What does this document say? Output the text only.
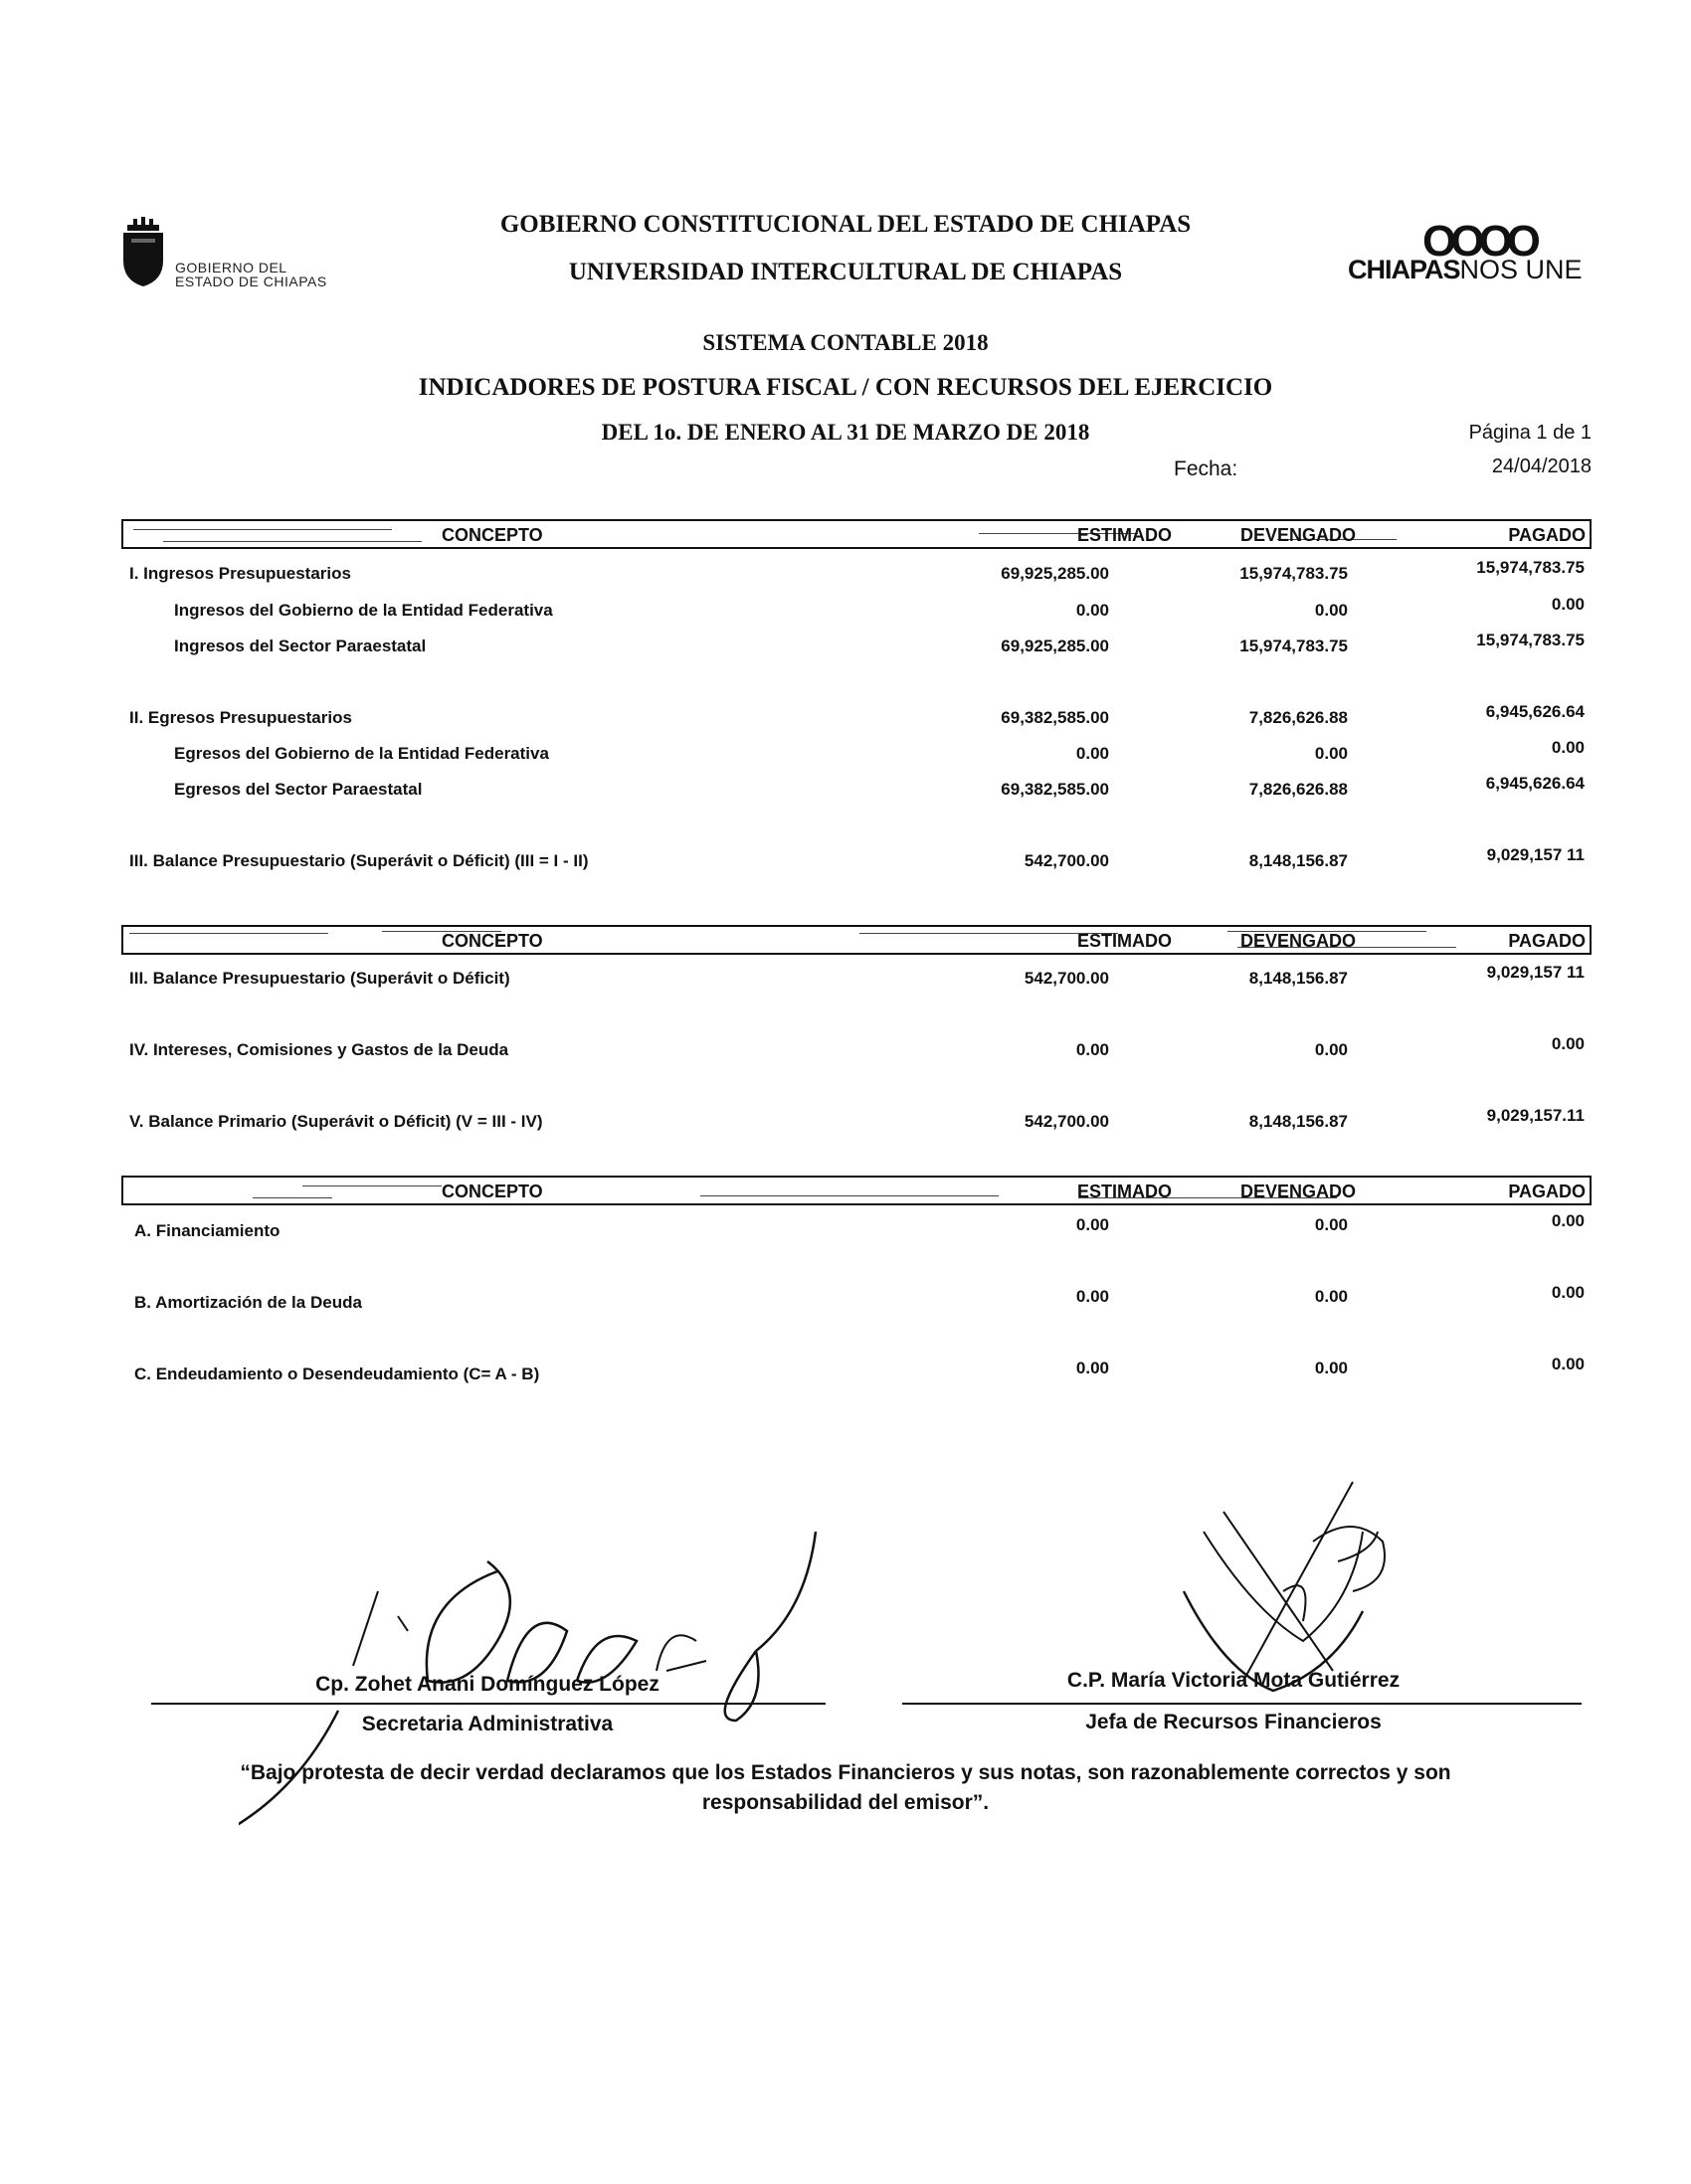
GOBIERNO DEL
ESTADO DE CHIAPAS
GOBIERNO CONSTITUCIONAL DEL ESTADO DE CHIAPAS
UNIVERSIDAD INTERCULTURAL DE CHIAPAS
OOOO
CHIAPASNOS UNE
SISTEMA CONTABLE 2018
INDICADORES DE POSTURA FISCAL / CON RECURSOS DEL EJERCICIO
DEL 1o. DE ENERO AL 31 DE MARZO DE 2018	Página 1 de 1
Fecha:	24/04/2018
CONCEPTO	ESTIMADO	DEVENGADO	PAGADO
I. Ingresos Presupuestarios	69,925,285.00	15,974,783.75	15,974,783.75
Ingresos del Gobierno de la Entidad Federativa	0.00	0.00	0.00
Ingresos del Sector Paraestatal	69,925,285.00	15,974,783.75	15,974,783.75
II. Egresos Presupuestarios	69,382,585.00	7,826,626.88	6,945,626.64
Egresos del Gobierno de la Entidad Federativa	0.00	0.00	0.00
Egresos del Sector Paraestatal	69,382,585.00	7,826,626.88	6,945,626.64
III. Balance Presupuestario (Superávit o Déficit) (III = I - II)	542,700.00	8,148,156.87	9,029,157 11
CONCEPTO	ESTIMADO	DEVENGADO	PAGADO
III. Balance Presupuestario (Superávit o Déficit)	542,700.00	8,148,156.87	9,029,157 11
IV. Intereses, Comisiones y Gastos de la Deuda	0.00	0.00	0.00
V. Balance Primario (Superávit o Déficit) (V = III - IV)	542,700.00	8,148,156.87	9,029,157.11
CONCEPTO	ESTIMADO	DEVENGADO	PAGADO
A. Financiamiento	0.00	0.00	0.00
B. Amortización de la Deuda	0.00	0.00	0.00
C. Endeudamiento o Desendeudamiento (C= A - B)	0.00	0.00	0.00
Cp. Zohet Anani Domínguez López
Secretaria Administrativa
C.P. María Victoria Mota Gutiérrez
Jefa de Recursos Financieros
“Bajo protesta de decir verdad declaramos que los Estados Financieros y sus notas, son razonablemente correctos y son responsabilidad del emisor”.
